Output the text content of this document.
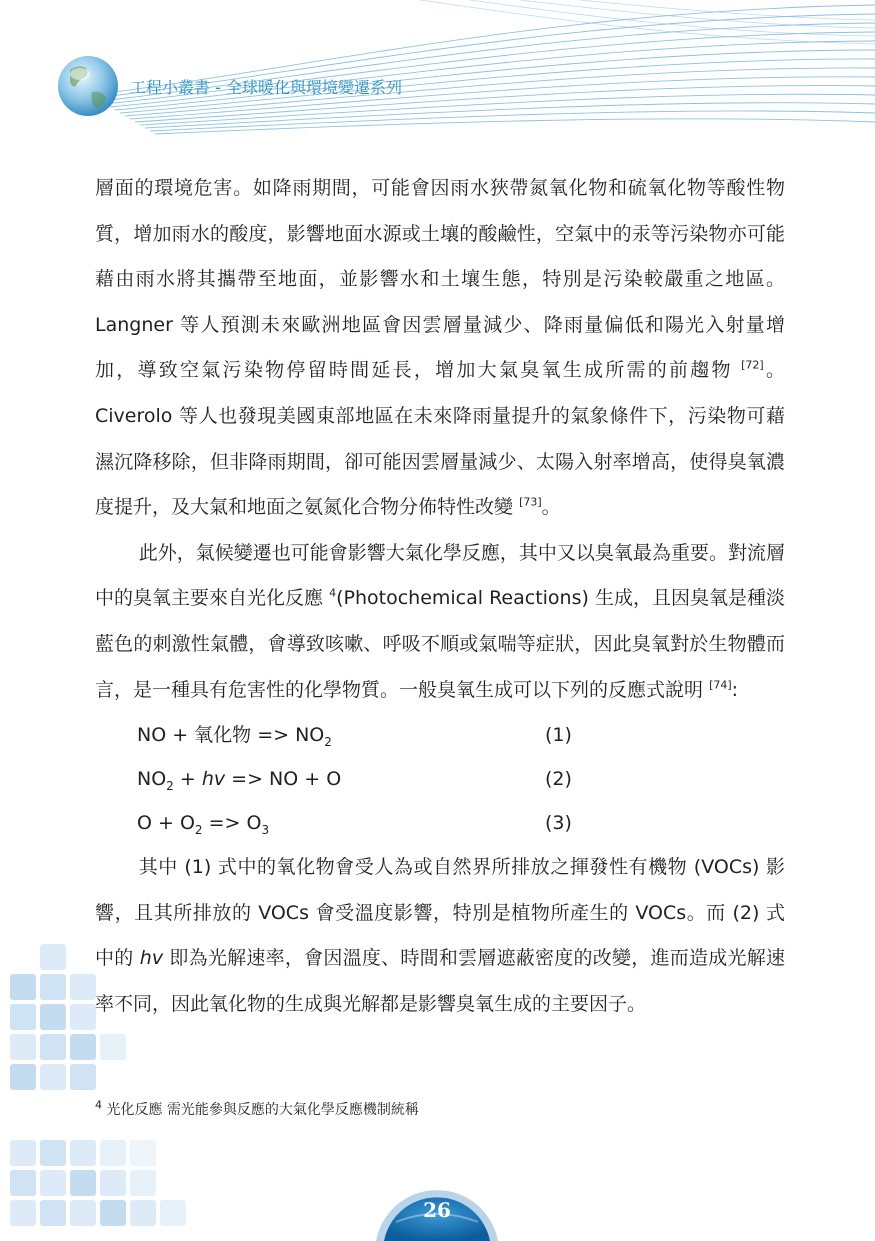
工程小叢書 - 全球暖化與環境變遷系列

層面的環境危害。如降雨期間，可能會因雨水狹帶氮氧化物和硫氧化物等酸性物質，增加雨水的酸度，影響地面水源或土壤的酸鹼性，空氣中的汞等污染物亦可能藉由雨水將其攜帶至地面，並影響水和土壤生態，特別是污染較嚴重之地區。Langner 等人預測未來歐洲地區會因雲層量減少、降雨量偏低和陽光入射量增加，導致空氣污染物停留時間延長，增加大氣臭氧生成所需的前趨物 [72]。Civerolo 等人也發現美國東部地區在未來降雨量提升的氣象條件下，污染物可藉濕沉降移除，但非降雨期間，卻可能因雲層量減少、太陽入射率增高，使得臭氧濃度提升，及大氣和地面之氨氮化合物分佈特性改變 [73]。

此外，氣候變遷也可能會影響大氣化學反應，其中又以臭氧最為重要。對流層中的臭氧主要來自光化反應 $^4$(Photochemical Reactions) 生成，且因臭氧是種淡藍色的刺激性氣體，會導致咳嗽、呼吸不順或氣喘等症狀，因此臭氧對於生物體而言，是一種具有危害性的化學物質。一般臭氧生成可以下列的反應式說明 [74]:

NO + 氧化物 => $NO_2$	(1)
$NO_2$ + hv => NO + O	(2)
$O + O_2 => O_3$	(3)

其中 (1) 式中的氧化物會受人為或自然界所排放之揮發性有機物 (VOCs) 影響，且其所排放的 VOCs 會受溫度影響，特別是植物所產生的 VOCs。而 (2) 式中的 hv 即為光解速率，會因溫度、時間和雲層遮蔽密度的改變，進而造成光解速率不同，因此氧化物的生成與光解都是影響臭氧生成的主要因子。

$^4$ 光化反應 需光能參與反應的大氣化學反應機制統稱
26
